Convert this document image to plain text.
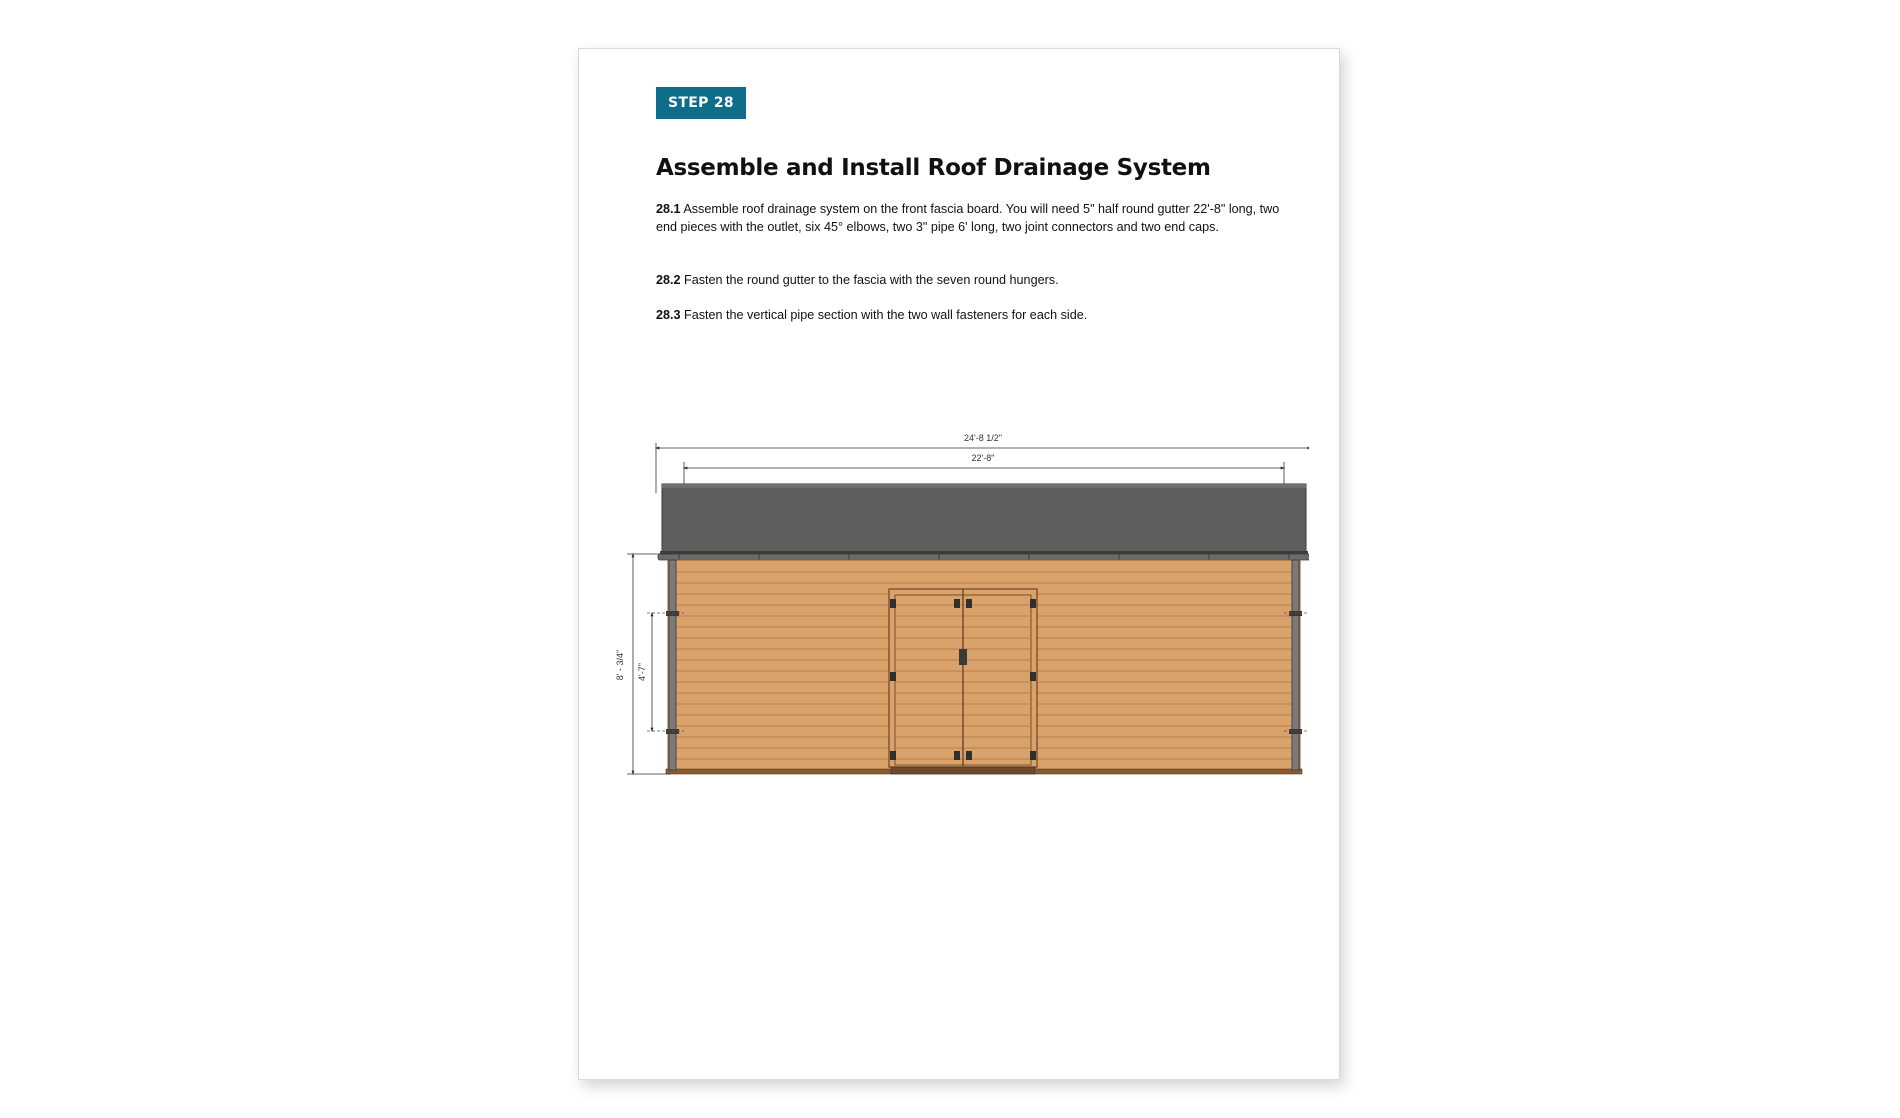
STEP 28
Assemble and Install Roof Drainage System

28.1 Assemble roof drainage system on the front fascia board. You will need 5" half round gutter 22'-8" long, two end pieces with the outlet, six 45° elbows, two 3" pipe 6' long, two joint connectors and two end caps.

28.2 Fasten the round gutter to the fascia with the seven round hungers.

28.3 Fasten the vertical pipe section with the two wall fasteners for each side.

24'-8 1/2"
22'-8"
8' - 3/4" 4'-7"
